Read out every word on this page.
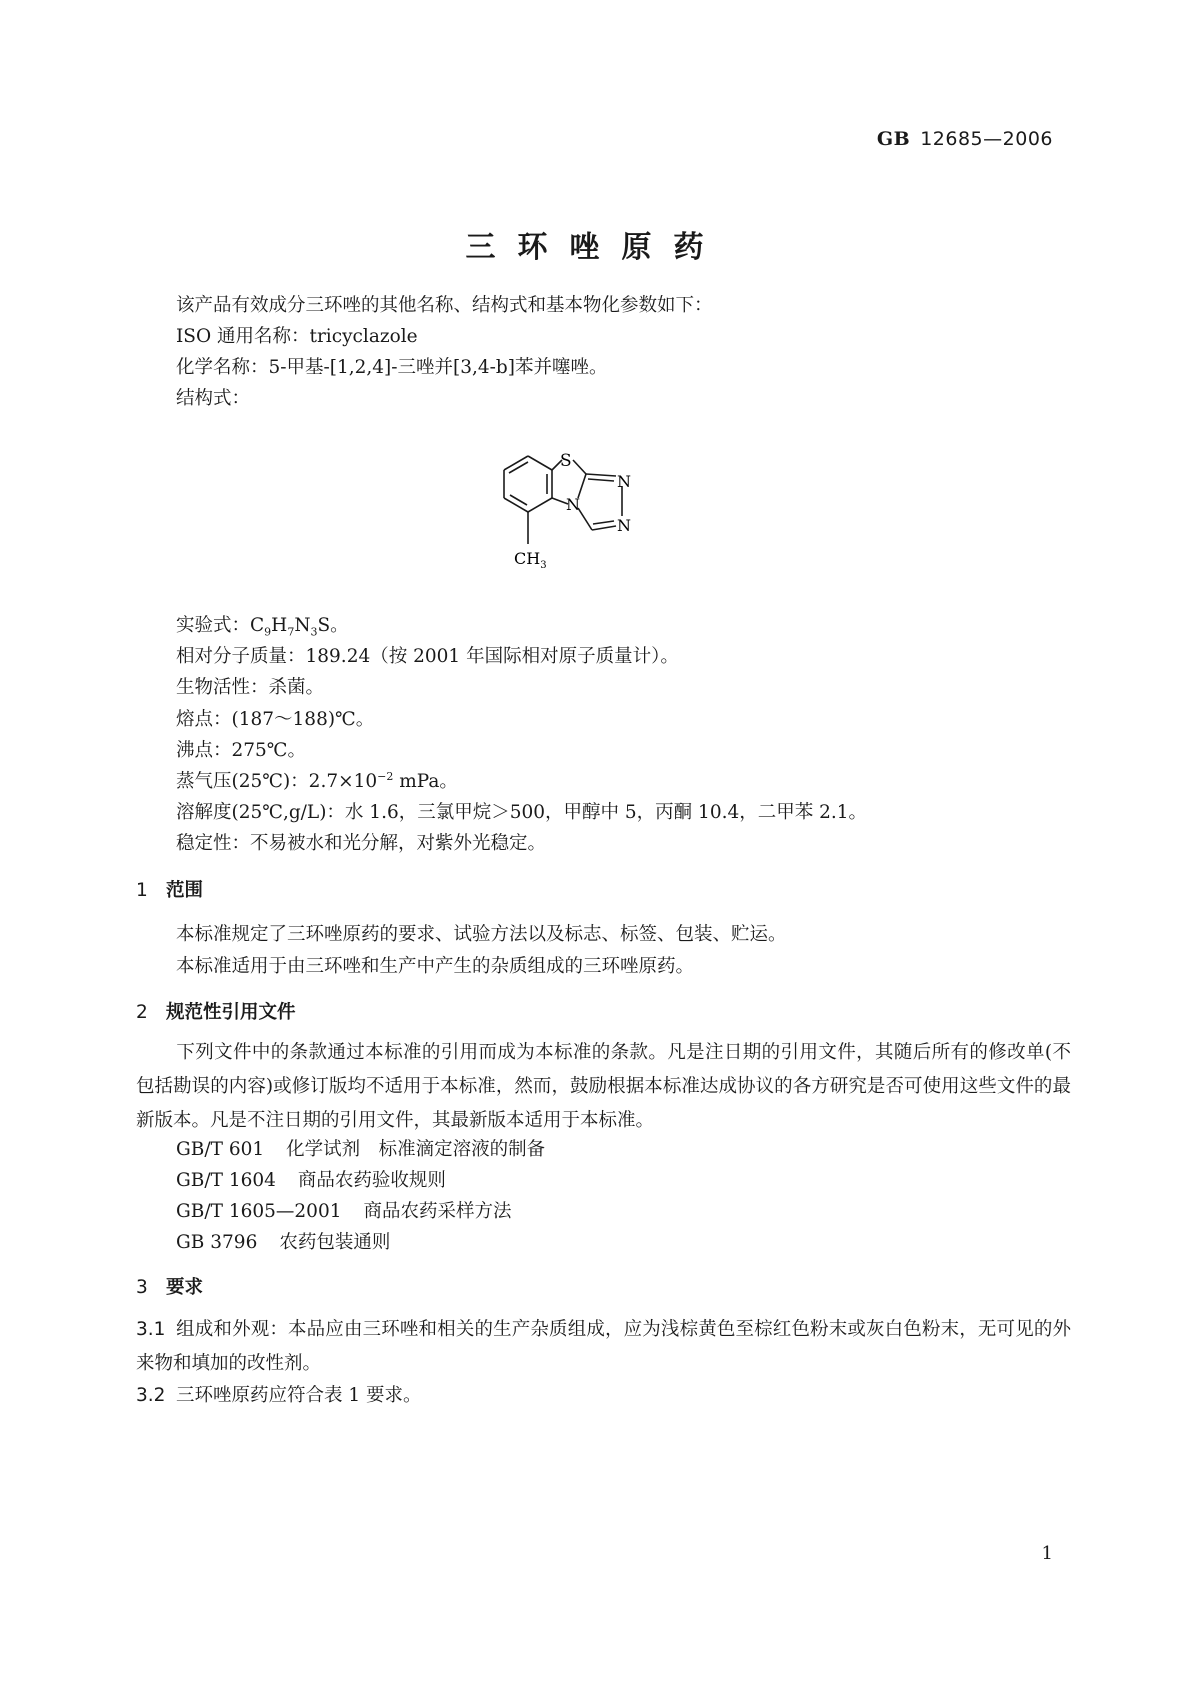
GB 12685—2006
三环唑原药
该产品有效成分三环唑的其他名称、结构式和基本物化参数如下：
ISO 通用名称：tricyclazole
化学名称：5-甲基-[1,2,4]-三唑并[3,4-b]苯并噻唑。
结构式：
S
N
N
N
$CH_3$
实验式：$C_9H_7N_3S$。
相对分子质量：189.24（按 2001 年国际相对原子质量计）。
生物活性：杀菌。
熔点：(187～188)℃。
沸点：275℃。
蒸气压(25℃)：$2.7\times 10^{-2}$ mPa。
溶解度(25℃,g/L)：水 1.6，三氯甲烷＞500，甲醇中 5，丙酮 10.4，二甲苯 2.1。
稳定性：不易被水和光分解，对紫外光稳定。
1 范围
本标准规定了三环唑原药的要求、试验方法以及标志、标签、包装、贮运。
本标准适用于由三环唑和生产中产生的杂质组成的三环唑原药。
2 规范性引用文件
下列文件中的条款通过本标准的引用而成为本标准的条款。凡是注日期的引用文件，其随后所有的修改单(不包括勘误的内容)或修订版均不适用于本标准，然而，鼓励根据本标准达成协议的各方研究是否可使用这些文件的最新版本。凡是不注日期的引用文件，其最新版本适用于本标准。
GB/T 601 化学试剂　标准滴定溶液的制备
GB/T 1604 商品农药验收规则
GB/T 1605—2001 商品农药采样方法
GB 3796 农药包装通则
3 要求
3.1 组成和外观：本品应由三环唑和相关的生产杂质组成，应为浅棕黄色至棕红色粉末或灰白色粉末，无可见的外来物和填加的改性剂。
3.2 三环唑原药应符合表 1 要求。
1
